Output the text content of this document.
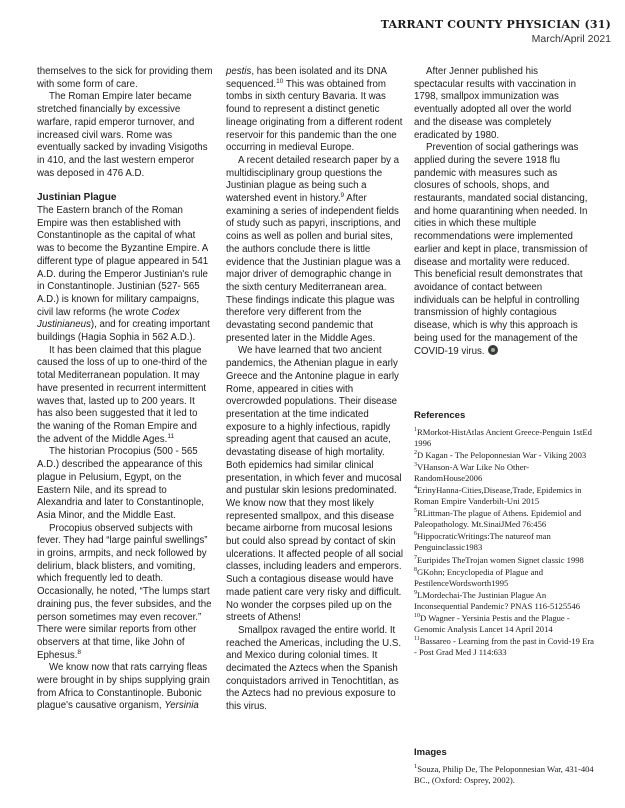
TARRANT COUNTY PHYSICIAN (31)
March/April 2021

themselves to the sick for providing them with some form of care.

The Roman Empire later became stretched financially by excessive warfare, rapid emperor turnover, and increased civil wars. Rome was eventually sacked by invading Visigoths in 410, and the last western emperor was deposed in 476 A.D.

Justinian Plague

The Eastern branch of the Roman Empire was then established with Constantinople as the capital of what was to become the Byzantine Empire. A different type of plague appeared in 541 A.D. during the Emperor Justinian's rule in Constantinople. Justinian (527- 565 A.D.) is known for military campaigns, civil law reforms (he wrote Codex Justinianeus), and for creating important buildings (Hagia Sophia in 562 A.D.).

It has been claimed that this plague caused the loss of up to one-third of the total Mediterranean population. It may have presented in recurrent intermittent waves that, lasted up to 200 years. It has also been suggested that it led to the waning of the Roman Empire and the advent of the Middle Ages.$^{11}$

The historian Procopius (500 - 565 A.D.) described the appearance of this plague in Pelusium, Egypt, on the Eastern Nile, and its spread to Alexandria and later to Constantinople, Asia Minor, and the Middle East.

Procopius observed subjects with fever. They had “large painful swellings” in groins, armpits, and neck followed by delirium, black blisters, and vomiting, which frequently led to death. Occasionally, he noted, “The lumps start draining pus, the fever subsides, and the person sometimes may even recover.” There were similar reports from other observers at that time, like John of Ephesus.$^8$

We know now that rats carrying fleas were brought in by ships supplying grain from Africa to Constantinople. Bubonic plague's causative organism, Yersinia

pestis, has been isolated and its DNA sequenced.$^{10}$ This was obtained from tombs in sixth century Bavaria. It was found to represent a distinct genetic lineage originating from a different rodent reservoir for this pandemic than the one occurring in medieval Europe.

A recent detailed research paper by a multidisciplinary group questions the Justinian plague as being such a watershed event in history.$^9$ After examining a series of independent fields of study such as papyri, inscriptions, and coins as well as pollen and burial sites, the authors conclude there is little evidence that the Justinian plague was a major driver of demographic change in the sixth century Mediterranean area. These findings indicate this plague was therefore very different from the devastating second pandemic that presented later in the Middle Ages.

We have learned that two ancient pandemics, the Athenian plague in early Greece and the Antonine plague in early Rome, appeared in cities with overcrowded populations. Their disease presentation at the time indicated exposure to a highly infectious, rapidly spreading agent that caused an acute, devastating disease of high mortality. Both epidemics had similar clinical presentation, in which fever and mucosal and pustular skin lesions predominated. We know now that they most likely represented smallpox, and this disease became airborne from mucosal lesions but could also spread by contact of skin ulcerations. It affected people of all social classes, including leaders and emperors. Such a contagious disease would have made patient care very risky and difficult. No wonder the corpses piled up on the streets of Athens!

Smallpox ravaged the entire world. It reached the Americas, including the U.S. and Mexico during colonial times. It decimated the Aztecs when the Spanish conquistadors arrived in Tenochtitlan, as the Aztecs had no previous exposure to this virus.

After Jenner published his spectacular results with vaccination in 1798, smallpox immunization was eventually adopted all over the world and the disease was completely eradicated by 1980.

Prevention of social gatherings was applied during the severe 1918 flu pandemic with measures such as closures of schools, shops, and restaurants, mandated social distancing, and home quarantining when needed. In cities in which these multiple recommendations were implemented earlier and kept in place, transmission of disease and mortality were reduced. This beneficial result demonstrates that avoidance of contact between individuals can be helpful in controlling transmission of highly contagious disease, which is why this approach is being used for the management of the COVID-19 virus.

References

$^1$RMorkot-HistAtlas Ancient Greece-Penguin 1stEd 1996

$^2$D Kagan - The Peloponnesian War - Viking 2003

$^3$VHanson-A War Like No Other-RandomHouse2006

$^4$ErinyHanna-Cities,Disease,Trade, Epidemics in Roman Empire Vanderbilt-Uni 2015

$^5$RLittman-The plague of Athens. Epidemiol and Paleopathology. Mt.SinaiJMed 76:456

$^6$HippocraticWritings:The natureof man Penguinclassic1983

$^7$Euripides TheTrojan women Signet classic 1998

$^8$GKohn; Encyclopedia of Plague and PestilenceWordsworth1995

$^9$LMordechai-The Justinian Plague An Inconsequential Pandemic? PNAS 116-5125546

$^{10}$D Wagner - Yersinia Pestis and the Plague - Genomic Analysis Lancet 14 April 2014

$^{11}$Bassareo - Learning from the past in Covid-19 Era - Post Grad Med J 114:633

Images

$^1$Souza, Philip De, The Peloponnesian War, 431-404 BC., (Oxford: Osprey, 2002).
